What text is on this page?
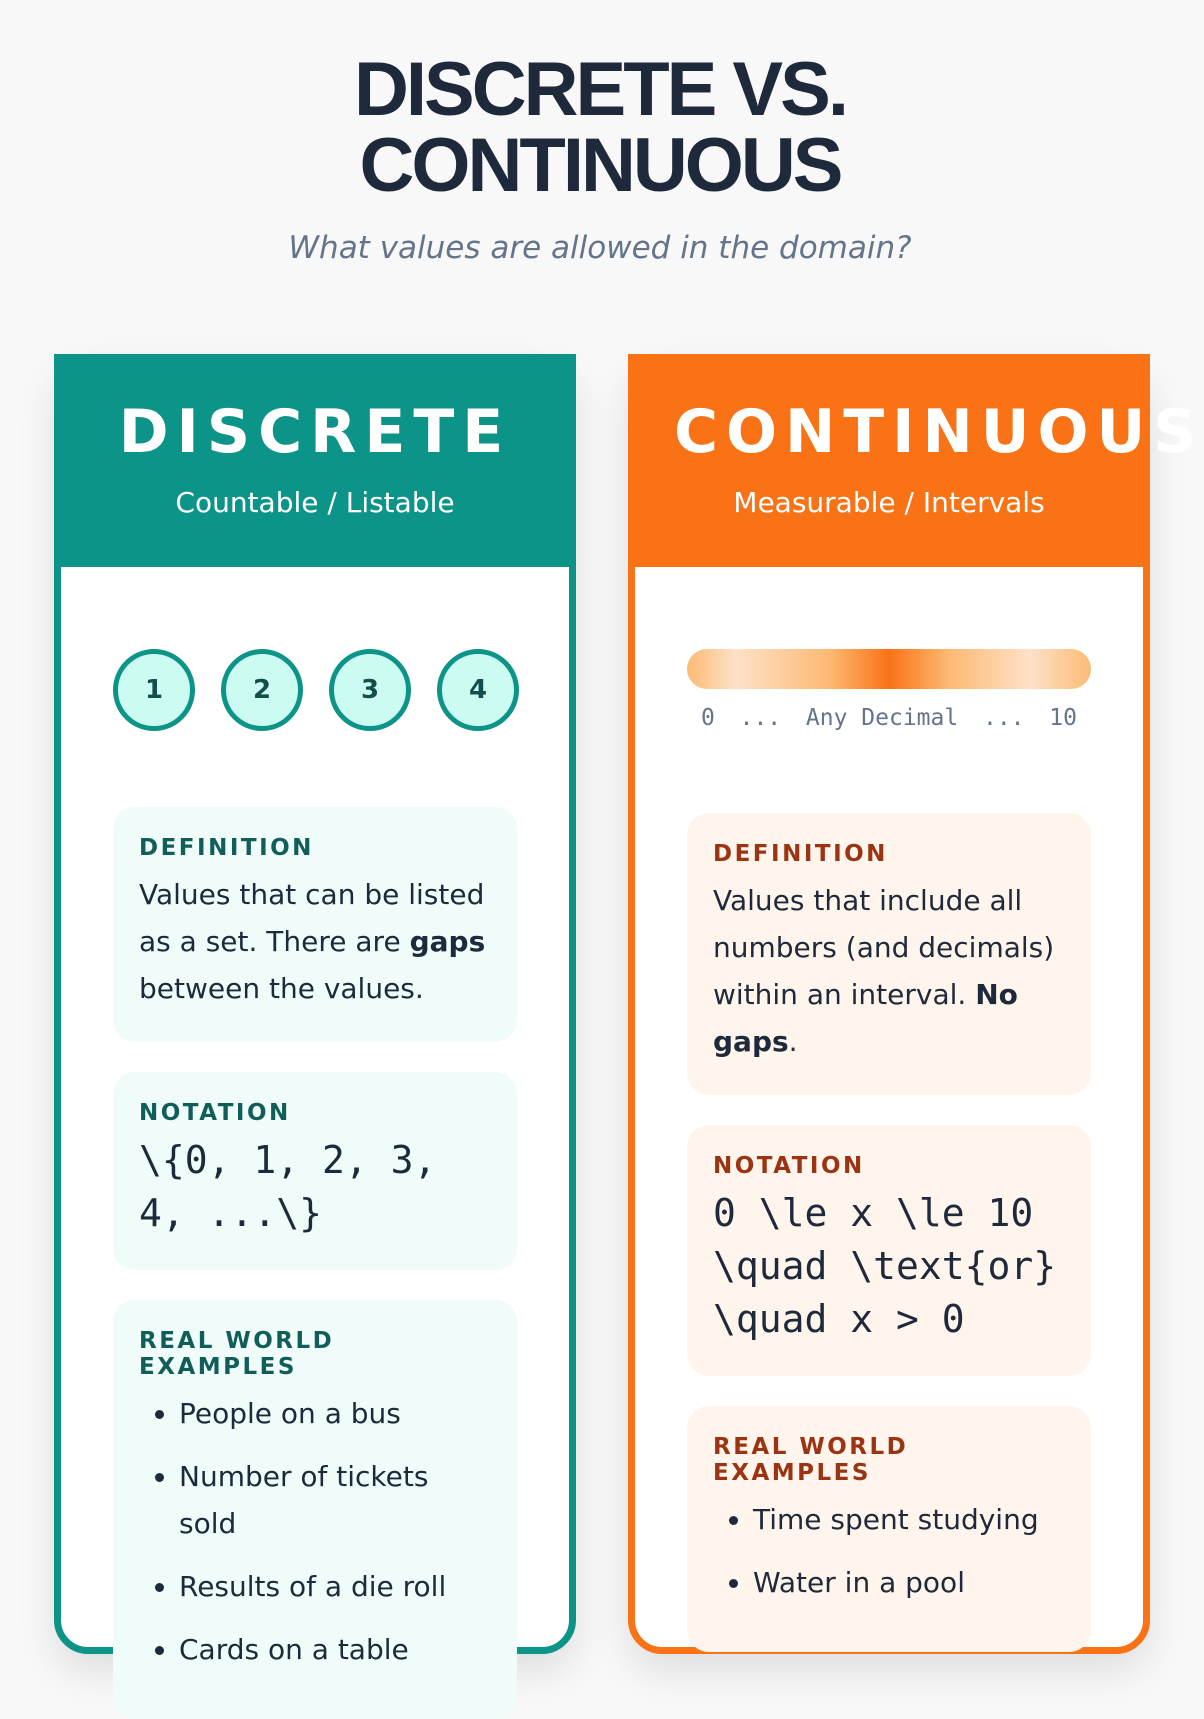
DISCRETE VS. CONTINUOUS
What values are allowed in the domain?
DISCRETE
Countable / Listable
1	2	3	4
DEFINITION
Values that can be listed as a set. There are gaps between the values.
NOTATION
\{0, 1, 2, 3, 4, ...\}
REAL WORLD EXAMPLES
• People on a bus
• Number of tickets sold
• Results of a die roll
• Cards on a table
CONTINUOUS
Measurable / Intervals
0 ... Any Decimal ... 10
DEFINITION
Values that include all numbers (and decimals) within an interval. No gaps.
NOTATION
0 \le x \le 10 \quad \text{or} \quad x > 0
REAL WORLD EXAMPLES
• Time spent studying
• Water in a pool
